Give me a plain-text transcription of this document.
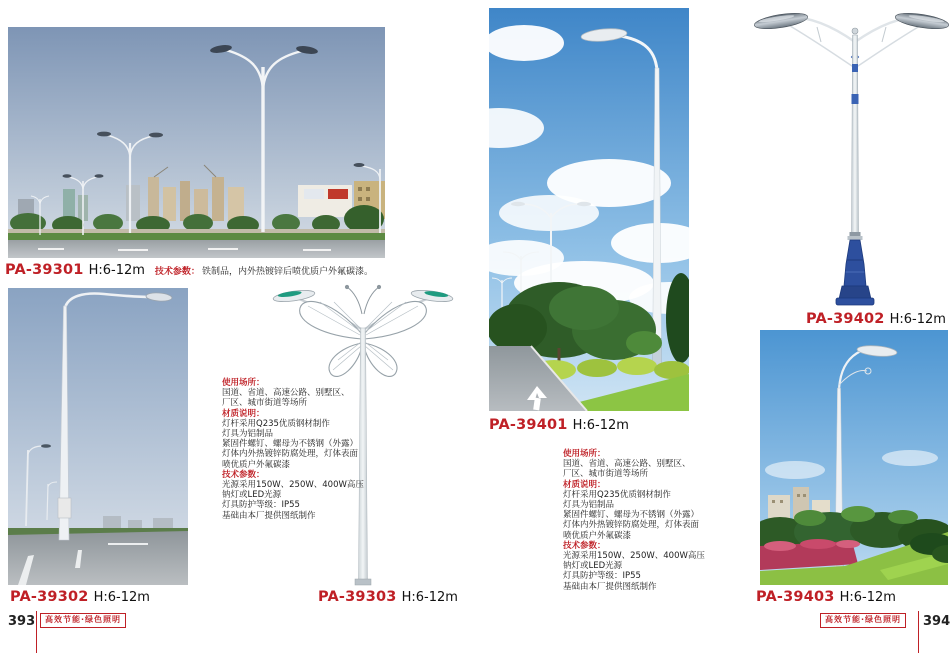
PA-39301 H:6-12m 技术参数： 铁制品，内外热镀锌后喷优质户外氟碳漆。
使用场所：
国道、省道、高速公路、别墅区、
厂区、城市街道等场所
材质说明：
灯杆采用Q235优质钢材制作
灯具为铝制品
紧固件螺钉、螺母为不锈钢（外露）
灯体内外热镀锌防腐处理，灯体表面
喷优质户外氟碳漆
技术参数：
光源采用150W、250W、400W高压
钠灯或LED光源
灯具防护等级：IP55
基础由本厂提供图纸制作
PA-39302 H:6-12m	PA-39303 H:6-12m
393	高效节能·绿色照明
PA-39401 H:6-12m
使用场所：
国道、省道、高速公路、别墅区、
厂区、城市街道等场所
材质说明：
灯杆采用Q235优质钢材制作
灯具为铝制品
紧固件螺钉、螺母为不锈钢（外露）
灯体内外热镀锌防腐处理，灯体表面
喷优质户外氟碳漆
技术参数：
光源采用150W、250W、400W高压
钠灯或LED光源
灯具防护等级：IP55
基础由本厂提供图纸制作
PA-39402 H:6-12m
PA-39403 H:6-12m
高效节能·绿色照明	394
